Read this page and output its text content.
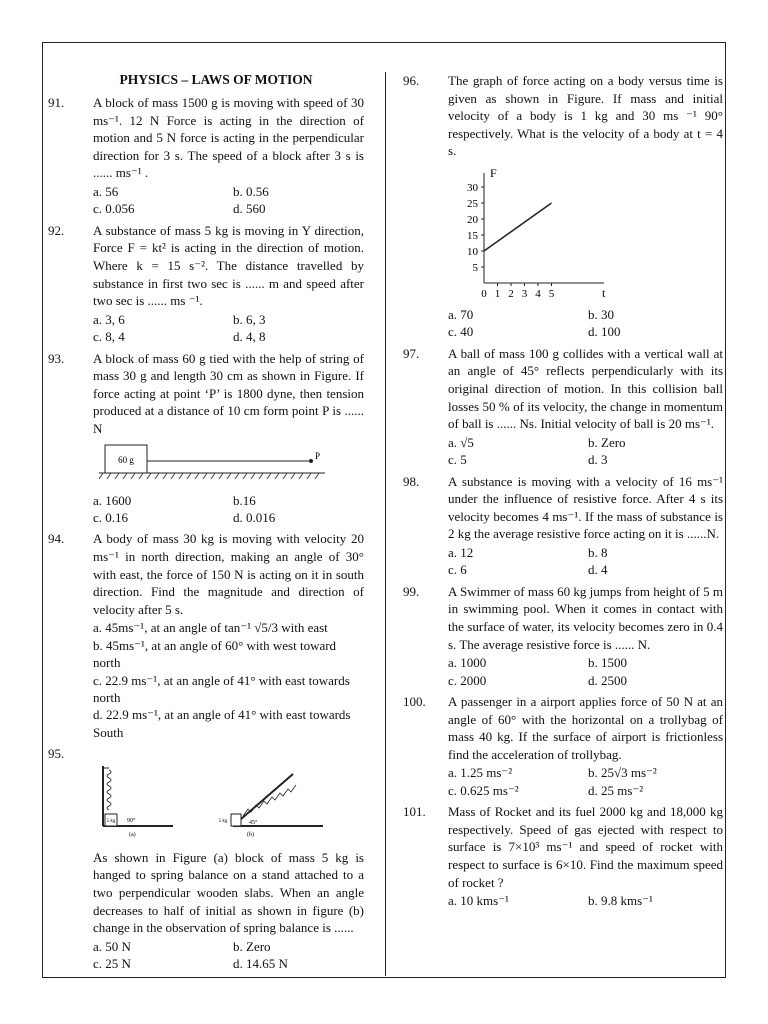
PHYSICS – LAWS OF MOTION
91.	A block of mass 1500 g is moving with speed of 30 ms⁻¹. 12 N Force is acting in the direction of motion and 5 N force is acting in the perpendicular direction for 3 s. The speed of a block after 3 s is ...... ms⁻¹ .
a. 56	b. 0.56
c. 0.056	d. 560
92.	A substance of mass 5 kg is moving in Y direction, Force F = kt² is acting in the direction of motion. Where k = 15 s⁻². The distance travelled by substance in first two sec is ...... m and speed after two sec is ...... ms ⁻¹.
a. 3, 6	b. 6, 3
c. 8, 4	d. 4, 8
93.	A block of mass 60 g tied with the help of string of mass 30 g and length 30 cm as shown in Figure. If force acting at point ‘P’ is 1800 dyne, then tension produced at a distance of 10 cm form point P is ...... N
60 g	P
a. 1600	b.16
c. 0.16	d. 0.016
94.	A body of mass 30 kg is moving with velocity 20 ms⁻¹ in north direction, making an angle of 30° with east, the force of 150 N is acting on it in south direction. Find the magnitude and direction of velocity after 5 s.
a. 45ms⁻¹, at an angle of tan⁻¹ √5/3 with east
b. 45ms⁻¹, at an angle of 60° with west toward north
c. 22.9 ms⁻¹, at an angle of 41° with east towards north
d. 22.9 ms⁻¹, at an angle of 41° with east towards South
95.
5 kg 90°
(a)
5 kg	45°
(b)
As shown in Figure (a) block of mass 5 kg is hanged to spring balance on a stand attached to a two perpendicular wooden slabs. When an angle decreases to half of initial as shown in figure (b) change in the observation of spring balance is ......
a. 50 N	b. Zero
c. 25 N	d. 14.65 N
96.	The graph of force acting on a body versus time is given as shown in Figure. If mass and initial velocity of a body is 1 kg and 30 ms ⁻¹ 90° respectively. What is the velocity of a body at t = 4 s.
F
t
5
10
15
20
25
30
0 1 2 3 4 5
a. 70	b. 30
c. 40	d. 100
97.	A ball of mass 100 g collides with a vertical wall at an angle of 45° reflects perpendicularly with its original direction of motion. In this collision ball losses 50 % of its velocity, the change in momentum of ball is ...... Ns. Initial velocity of ball is 20 ms⁻¹.
a. √5	b. Zero
c. 5	d. 3
98.	A substance is moving with a velocity of 16 ms⁻¹ under the influence of resistive force. After 4 s its velocity becomes 4 ms⁻¹. If the mass of substance is 2 kg the average resistive force acting on it is ......N.
a. 12	b. 8
c. 6	d. 4
99.	A Swimmer of mass 60 kg jumps from height of 5 m in swimming pool. When it comes in contact with the surface of water, its velocity becomes zero in 0.4 s. The average resistive force is ...... N.
a. 1000	b. 1500
c. 2000	d. 2500
100.	A passenger in a airport applies force of 50 N at an angle of 60° with the horizontal on a trollybag of mass 40 kg. If the surface of airport is frictionless find the acceleration of trollybag.
a. 1.25 ms⁻²	b. 25√3 ms⁻²
c. 0.625 ms⁻²	d. 25 ms⁻²
101.	Mass of Rocket and its fuel 2000 kg and 18,000 kg respectively. Speed of gas ejected with respect to surface is 7×10³ ms⁻¹ and speed of rocket with respect to surface is 6×10. Find the maximum speed of rocket ?
a. 10 kms⁻¹	b. 9.8 kms⁻¹
